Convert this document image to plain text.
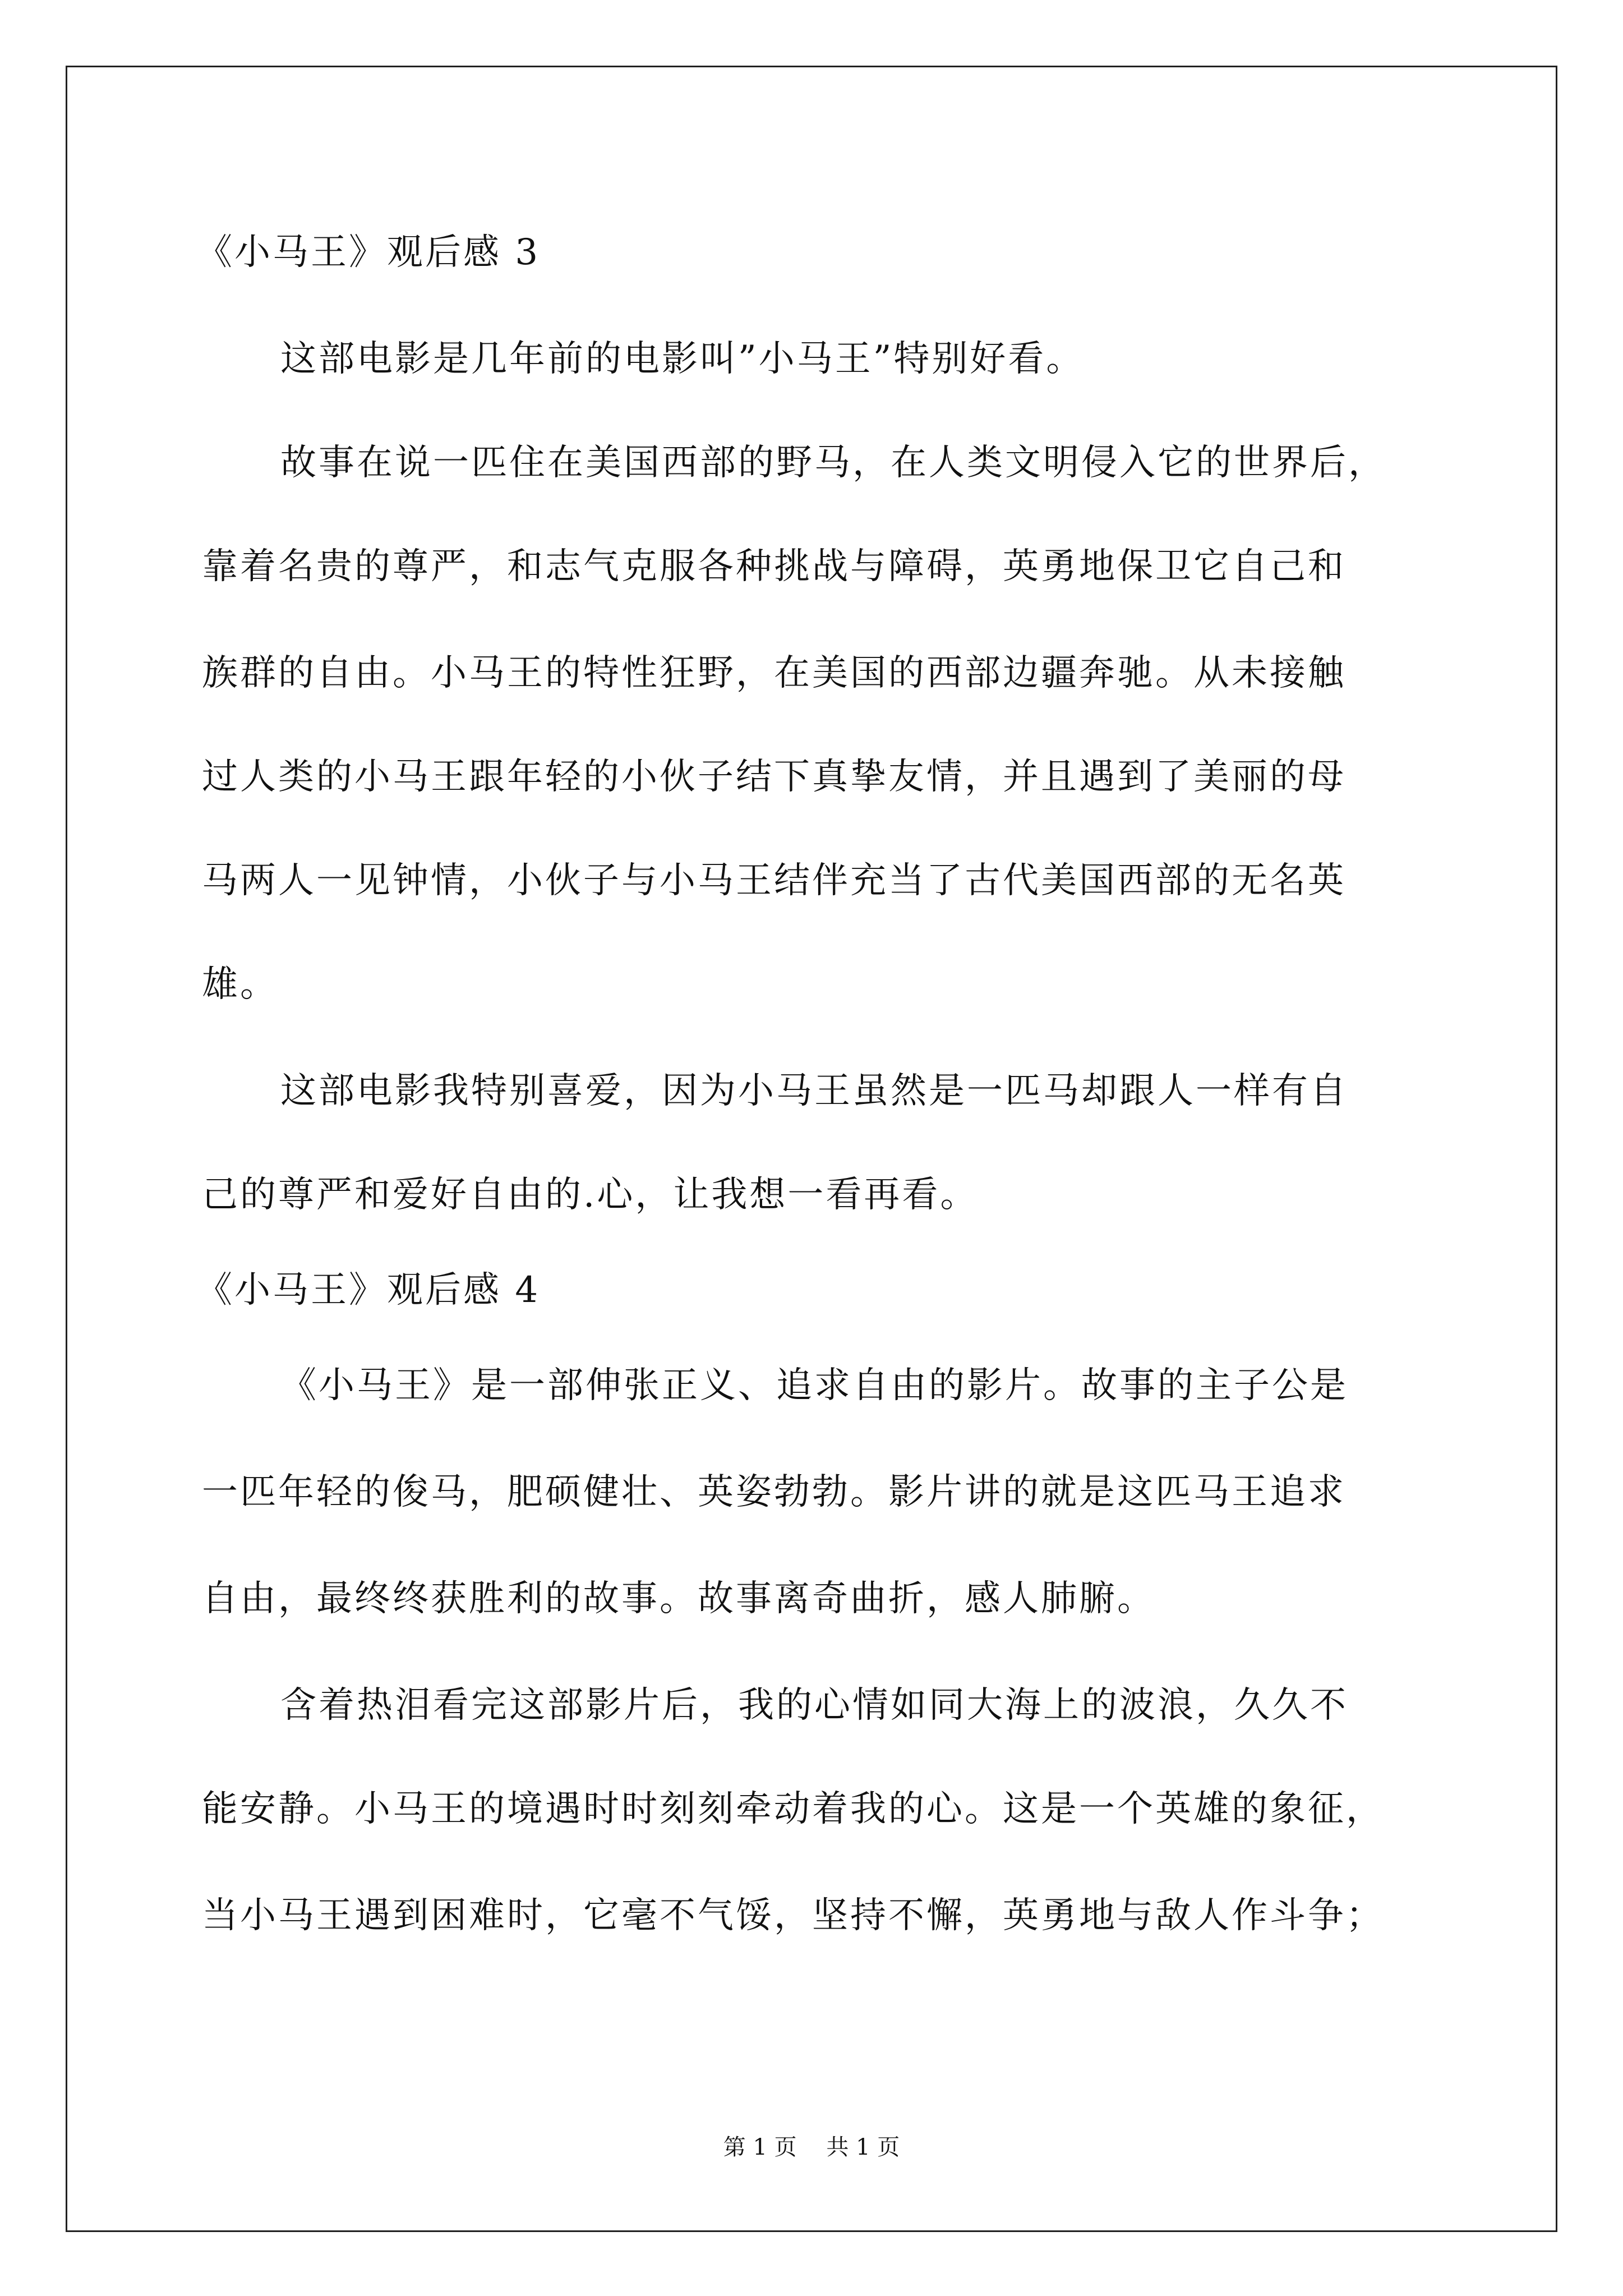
《小马王》观后感 3
这部电影是几年前的电影叫”小马王”特别好看。
故事在说一匹住在美国西部的野马，在人类文明侵入它的世界后，
靠着名贵的尊严，和志气克服各种挑战与障碍，英勇地保卫它自己和
族群的自由。小马王的特性狂野，在美国的西部边疆奔驰。从未接触
过人类的小马王跟年轻的小伙子结下真挚友情，并且遇到了美丽的母
马两人一见钟情，小伙子与小马王结伴充当了古代美国西部的无名英
雄。
这部电影我特别喜爱，因为小马王虽然是一匹马却跟人一样有自
己的尊严和爱好自由的.心，让我想一看再看。
《小马王》观后感 4
《小马王》是一部伸张正义、追求自由的影片。故事的主子公是
一匹年轻的俊马，肥硕健壮、英姿勃勃。影片讲的就是这匹马王追求
自由，最终终获胜利的故事。故事离奇曲折，感人肺腑。
含着热泪看完这部影片后，我的心情如同大海上的波浪，久久不
能安静。小马王的境遇时时刻刻牵动着我的心。这是一个英雄的象征，
当小马王遇到困难时，它毫不气馁，坚持不懈，英勇地与敌人作斗争；
第 1 页 共 1 页
